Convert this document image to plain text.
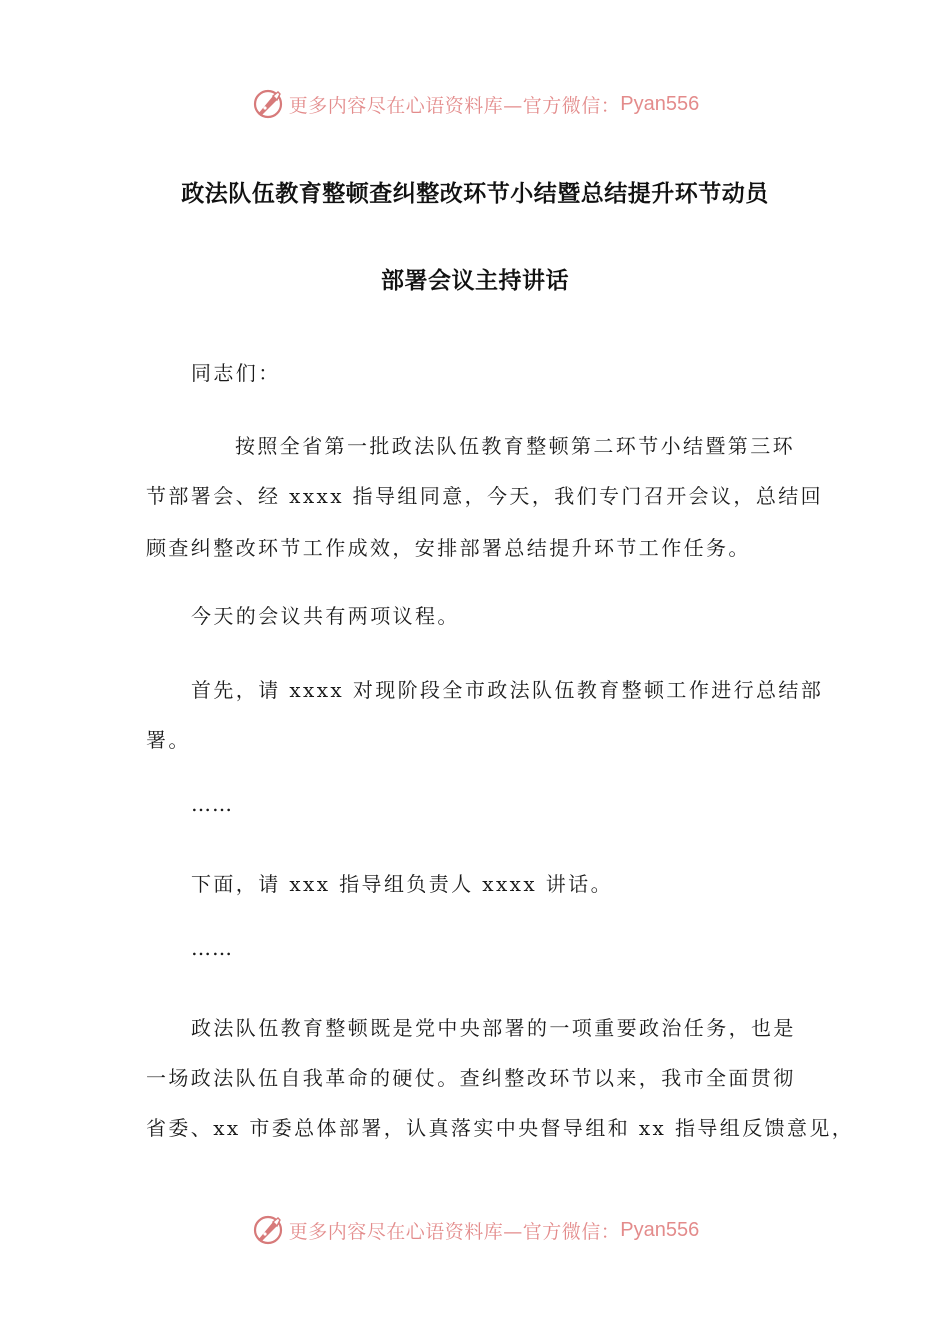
更多内容尽在心语资料库—官方微信： Pyan556
政法队伍教育整顿查纠整改环节小结暨总结提升环节动员
部署会议主持讲话
同志们：
按照全省第一批政法队伍教育整顿第二环节小结暨第三环
节部署会、经 xxxx 指导组同意，今天，我们专门召开会议，总结回
顾查纠整改环节工作成效，安排部署总结提升环节工作任务。
今天的会议共有两项议程。
首先，请 xxxx 对现阶段全市政法队伍教育整顿工作进行总结部
署。
……
下面，请 xxx 指导组负责人 xxxx 讲话。
……
政法队伍教育整顿既是党中央部署的一项重要政治任务，也是
一场政法队伍自我革命的硬仗。查纠整改环节以来，我市全面贯彻
省委、xx 市委总体部署，认真落实中央督导组和 xx 指导组反馈意见，
更多内容尽在心语资料库—官方微信： Pyan556
